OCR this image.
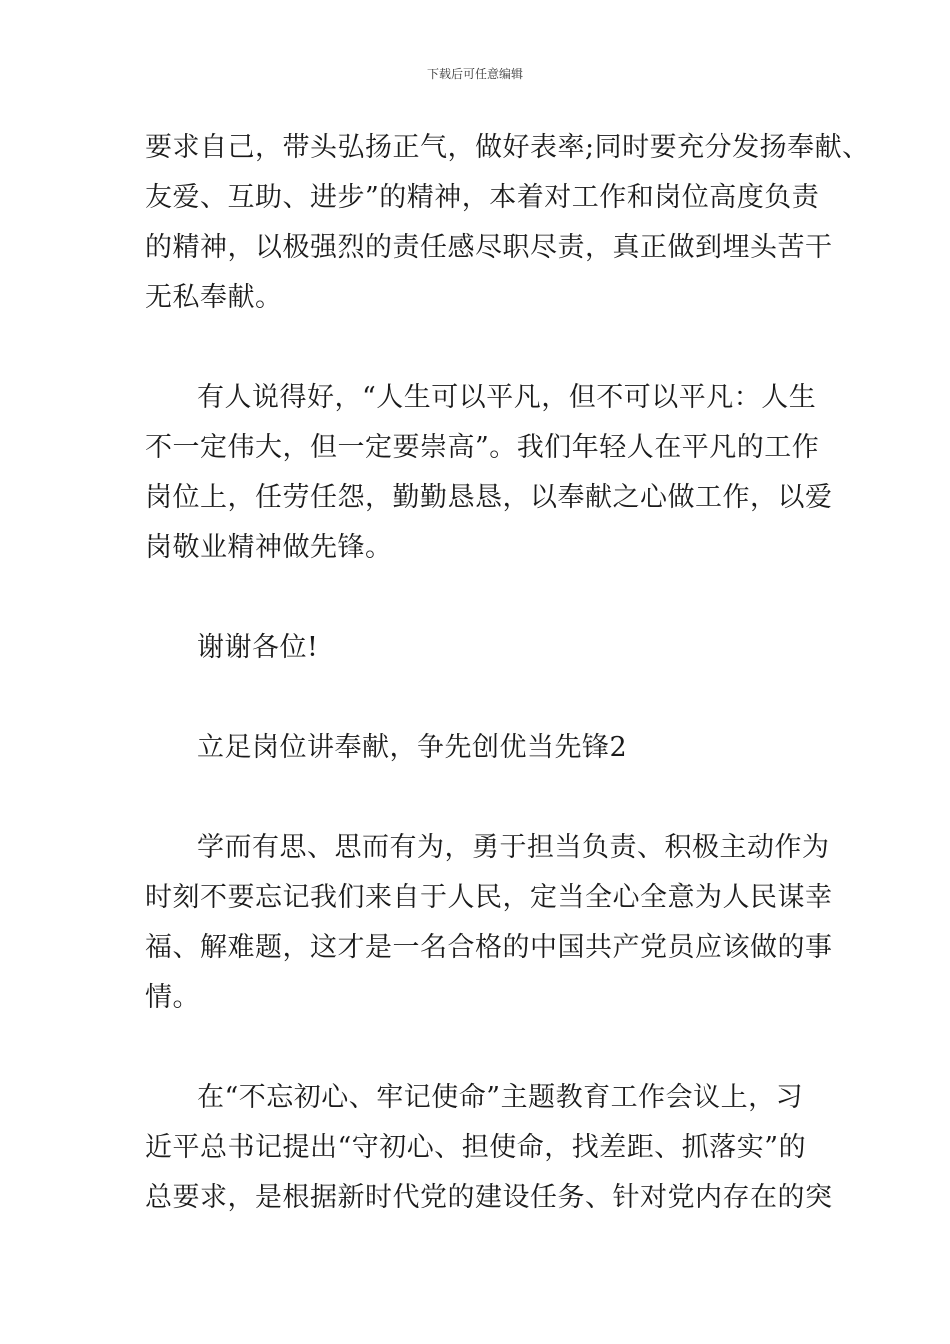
下载后可任意编辑
要求自己，带头弘扬正气，做好表率;同时要充分发扬奉献、
友爱、互助、进步”的精神，本着对工作和岗位高度负责
的精神，以极强烈的责任感尽职尽责，真正做到埋头苦干
无私奉献。
有人说得好，“人生可以平凡，但不可以平凡：人生
不一定伟大，但一定要崇高”。我们年轻人在平凡的工作
岗位上，任劳任怨，勤勤恳恳，以奉献之心做工作，以爱
岗敬业精神做先锋。
谢谢各位!
立足岗位讲奉献，争先创优当先锋2
学而有思、思而有为，勇于担当负责、积极主动作为
时刻不要忘记我们来自于人民，定当全心全意为人民谋幸
福、解难题，这才是一名合格的中国共产党员应该做的事
情。
在“不忘初心、牢记使命”主题教育工作会议上，习
近平总书记提出“守初心、担使命，找差距、抓落实”的
总要求，是根据新时代党的建设任务、针对党内存在的突
